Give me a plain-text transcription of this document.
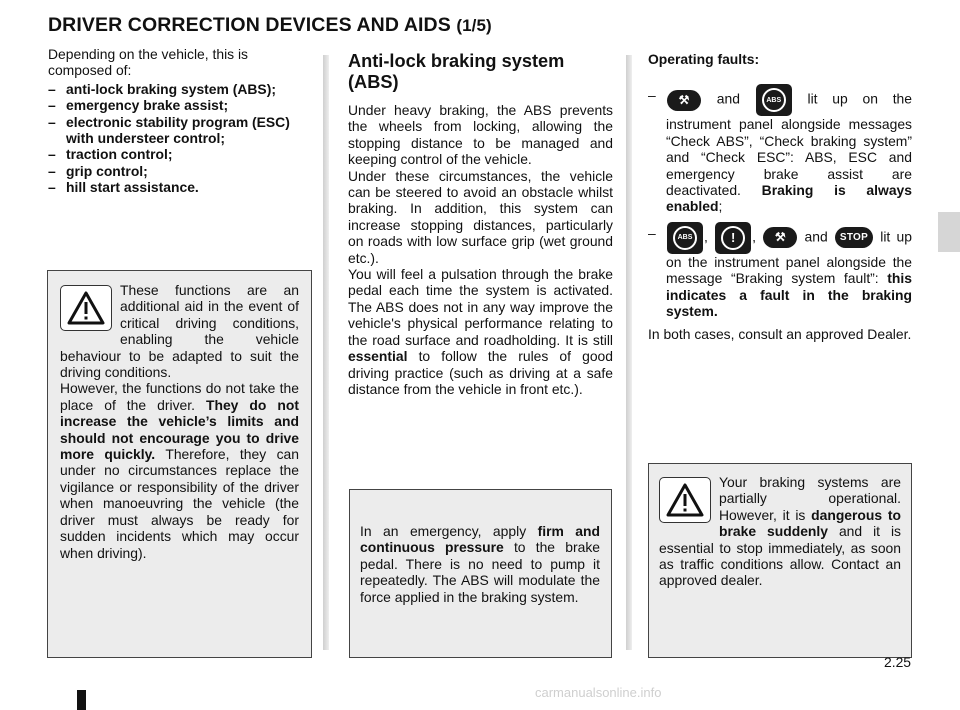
DRIVER CORRECTION DEVICES AND AIDS (1/5)

Depending on the vehicle, this is composed of:

– anti-lock braking system (ABS);
– emergency brake assist;
– electronic stability program (ESC) with understeer control;
– traction control;
– grip control;
– hill start assistance.

These functions are an additional aid in the event of critical driving conditions, enabling the vehicle behaviour to be adapted to suit the driving conditions.

However, the functions do not take the place of the driver. They do not increase the vehicle’s limits and should not encourage you to drive more quickly. Therefore, they can under no circumstances replace the vigilance or responsibility of the driver when manoeuvring the vehicle (the driver must always be ready for sudden incidents which may occur when driving).

Anti-lock braking system (ABS)

Under heavy braking, the ABS prevents the wheels from locking, allowing the stopping distance to be managed and keeping control of the vehicle.

Under these circumstances, the vehicle can be steered to avoid an obstacle whilst braking. In addition, this system can increase stopping distances, particularly on roads with low surface grip (wet ground etc.).

You will feel a pulsation through the brake pedal each time the system is activated. The ABS does not in any way improve the vehicle's physical performance relating to the road surface and roadholding. It is still essential to follow the rules of good driving practice (such as driving at a safe distance from the vehicle in front etc.).

In an emergency, apply firm and continuous pressure to the brake pedal. There is no need to pump it repeatedly. The ABS will modulate the force applied in the braking system.

Operating faults:

– ⚒ and	ABS	lit up on the instrument panel alongside messages “Check ABS”, “Check braking system” and “Check ESC”: ABS, ESC and emergency brake assist are deactivated. Braking is always enabled;
– ABS ,	!	, ⚒ and STOP lit up on the instrument panel alongside the message “Braking system fault”: this indicates a fault in the braking system.

In both cases, consult an approved Dealer.

Your braking systems are partially operational. However, it is dangerous to brake suddenly and it is essential to stop immediately, as soon as traffic conditions allow. Contact an approved dealer.

2.25
carmanualsonline.info
